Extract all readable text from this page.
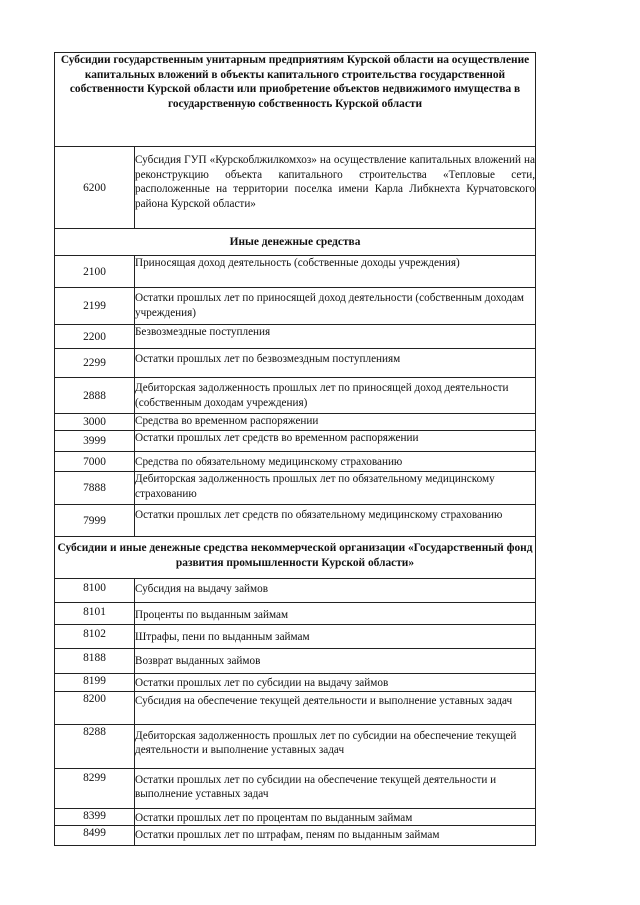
Субсидии государственным унитарным предприятиям Курской области на осуществление капитальных вложений в объекты капитального строительства государственной собственности Курской области или приобретение объектов недвижимого имущества в государственную собственность Курской области	
6200	Субсидия ГУП «Курскоблжилкомхоз» на осуществление капитальных вложений на реконструкцию объекта капитального строительства «Тепловые сети, расположенные на территории поселка имени Карла Либкнехта Курчатовского района Курской области»
Иные денежные средства	
2100	Приносящая доход деятельность (собственные доходы учреждения)
2199	Остатки прошлых лет по приносящей доход деятельности (собственным доходам учреждения)
2200	Безвозмездные поступления
2299	Остатки прошлых лет по безвозмездным поступлениям
2888	Дебиторская задолженность прошлых лет по приносящей доход деятельности (собственным доходам учреждения)
3000	Средства во временном распоряжении
3999	Остатки прошлых лет средств во временном распоряжении
7000	Средства по обязательному медицинскому страхованию
7888	Дебиторская задолженность прошлых лет по обязательному медицинскому страхованию
7999	Остатки прошлых лет средств по обязательному медицинскому страхованию
Субсидии и иные денежные средства некоммерческой организации «Государственный фонд развития промышленности Курской области»	
8100	Субсидия на выдачу займов
8101	Проценты по выданным займам
8102	Штрафы, пени по выданным займам
8188	Возврат выданных займов
8199	Остатки прошлых лет по субсидии на выдачу займов
8200	Субсидия на обеспечение текущей деятельности и выполнение уставных задач
8288	Дебиторская задолженность прошлых лет по субсидии на обеспечение текущей деятельности и выполнение уставных задач
8299	Остатки прошлых лет по субсидии на обеспечение текущей деятельности и выполнение уставных задач
8399	Остатки прошлых лет по процентам по выданным займам
8499	Остатки прошлых лет по штрафам, пеням по выданным займам
